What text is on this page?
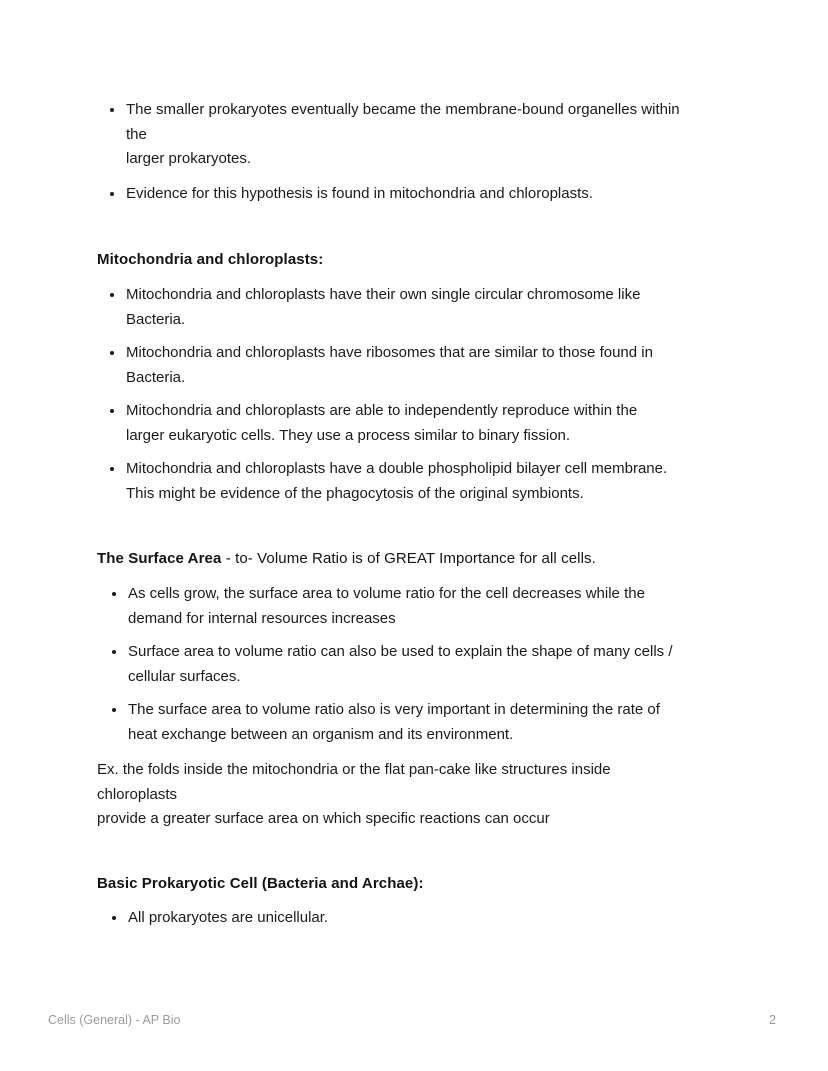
The smaller prokaryotes eventually became the membrane-bound organelles within
the
larger prokaryotes.
Evidence for this hypothesis is found in mitochondria and chloroplasts.
Mitochondria and chloroplasts:
Mitochondria and chloroplasts have their own single circular chromosome like
Bacteria.
Mitochondria and chloroplasts have ribosomes that are similar to those found in
Bacteria.
Mitochondria and chloroplasts are able to independently reproduce within the
larger eukaryotic cells. They use a process similar to binary fission.
Mitochondria and chloroplasts have a double phospholipid bilayer cell membrane.
This might be evidence of the phagocytosis of the original symbionts.
The Surface Area - to- Volume Ratio is of GREAT Importance for all cells.
As cells grow, the surface area to volume ratio for the cell decreases while the
demand for internal resources increases
Surface area to volume ratio can also be used to explain the shape of many cells /
cellular surfaces.
The surface area to volume ratio also is very important in determining the rate of
heat exchange between an organism and its environment.
Ex. the folds inside the mitochondria or the flat pan-cake like structures inside
chloroplasts
provide a greater surface area on which specific reactions can occur
Basic Prokaryotic Cell (Bacteria and Archae):
All prokaryotes are unicellular.
Cells (General) - AP Bio	2
